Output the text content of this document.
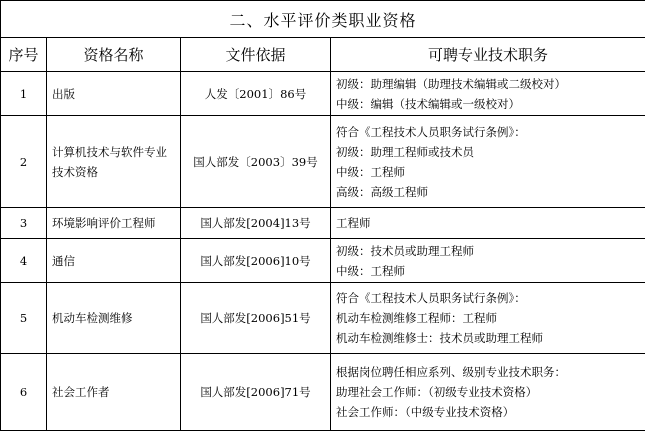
二、水平评价类职业资格			
序号	资格名称	文件依据	可聘专业技术职务
1	出版	人发〔2001〕86号	初级：助理编辑（助理技术编辑或二级校对）
中级：编辑（技术编辑或一级校对）

2	计算机技术与软件专业技术资格	国人部发〔2003〕39号	符合《工程技术人员职务试行条例》：
初级：助理工程师或技术员
中级：工程师
高级：高级工程师

3	环境影响评价工程师	国人部发[2004]13号	工程师

4	通信	国人部发[2006]10号	初级：技术员或助理工程师
中级：工程师

5	机动车检测维修	国人部发[2006]51号	符合《工程技术人员职务试行条例》：
机动车检测维修工程师：工程师
机动车检测维修士：技术员或助理工程师

6	社会工作者	国人部发[2006]71号	根据岗位聘任相应系列、级别专业技术职务：
助理社会工作师：（初级专业技术资格）
社会工作师：（中级专业技术资格）
